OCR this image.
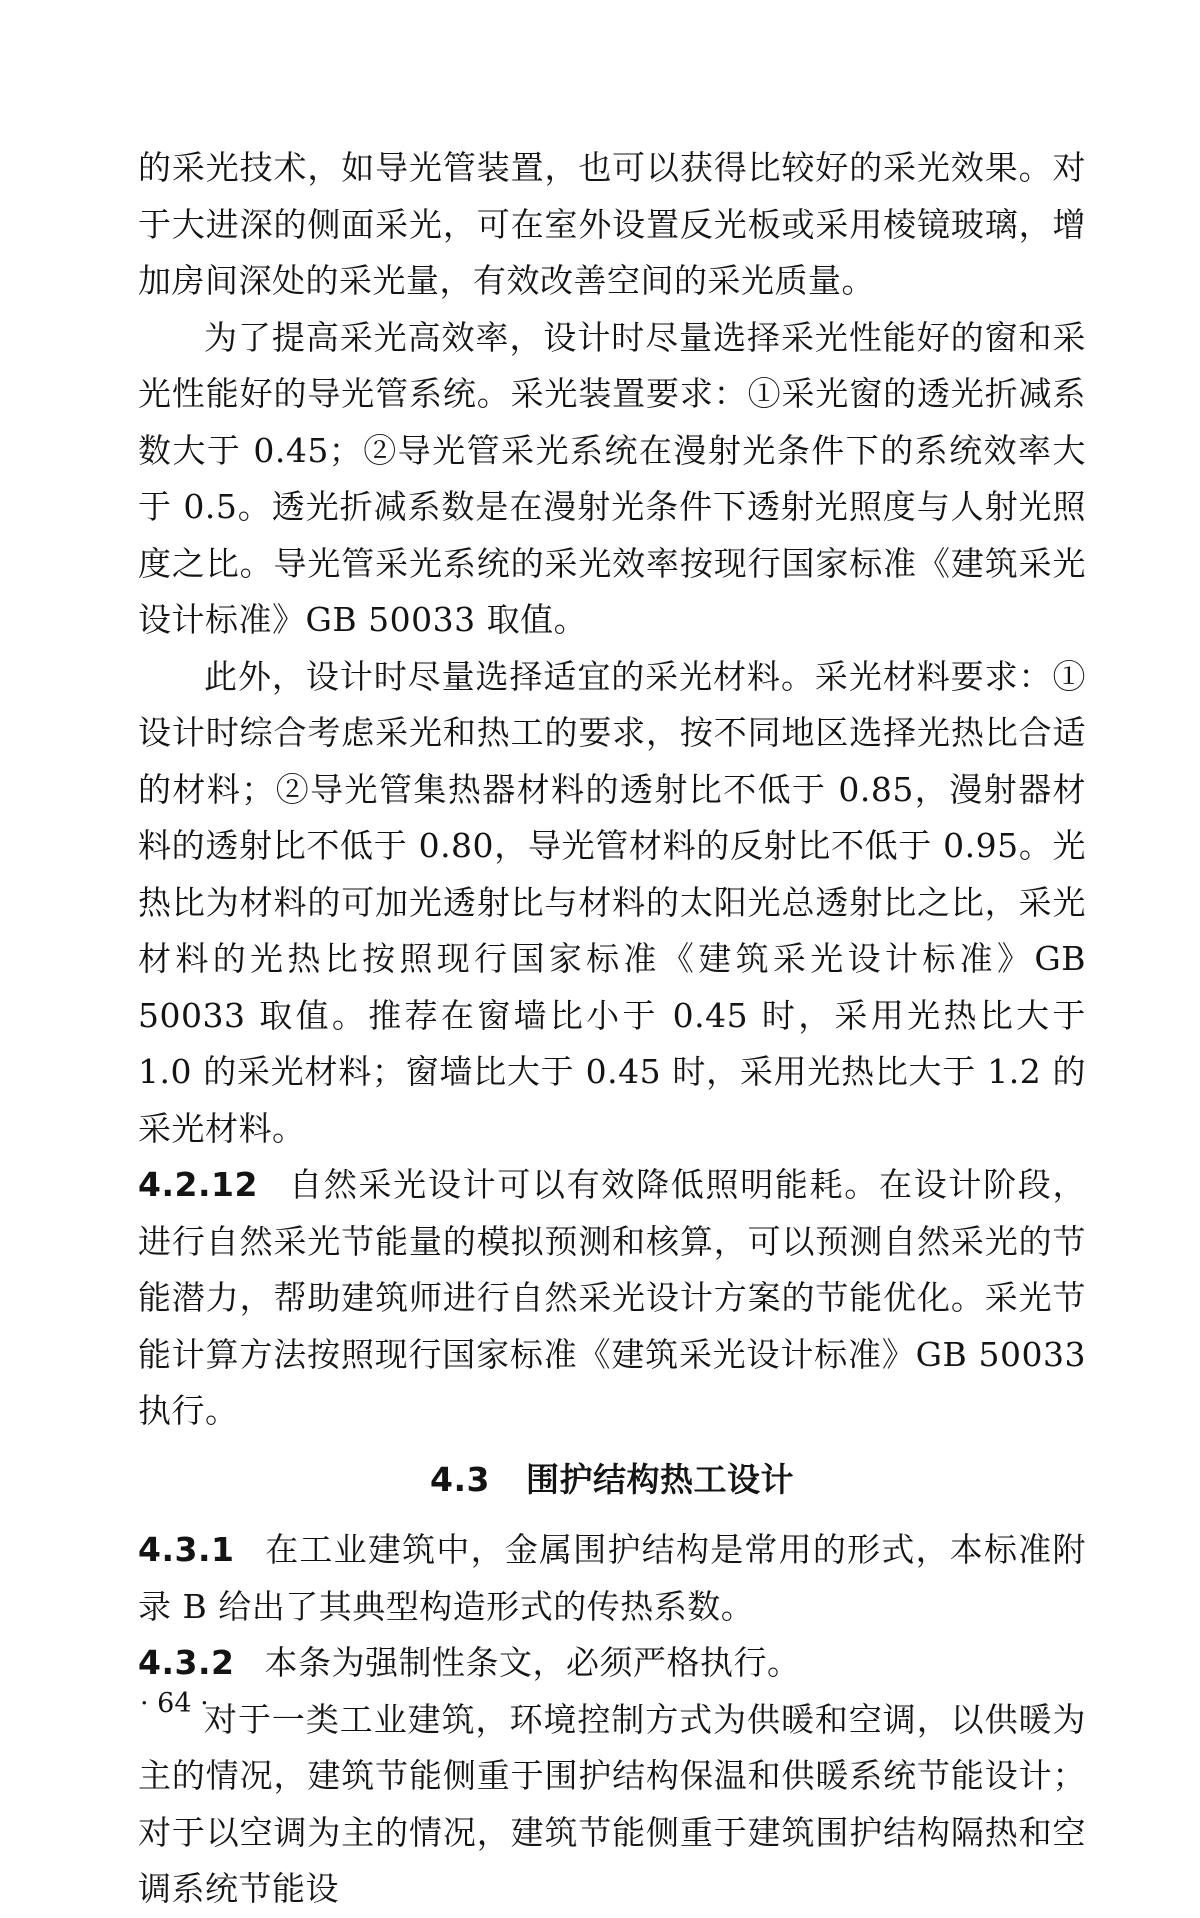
的采光技术，如导光管装置，也可以获得比较好的采光效果。对于大进深的侧面采光，可在室外设置反光板或采用棱镜玻璃，增加房间深处的采光量，有效改善空间的采光质量。

为了提高采光高效率，设计时尽量选择采光性能好的窗和采光性能好的导光管系统。采光装置要求：①采光窗的透光折减系数大于 0.45；②导光管采光系统在漫射光条件下的系统效率大于 0.5。透光折减系数是在漫射光条件下透射光照度与人射光照度之比。导光管采光系统的采光效率按现行国家标准《建筑采光设计标准》GB 50033 取值。

此外，设计时尽量选择适宜的采光材料。采光材料要求：①设计时综合考虑采光和热工的要求，按不同地区选择光热比合适的材料；②导光管集热器材料的透射比不低于 0.85，漫射器材料的透射比不低于 0.80，导光管材料的反射比不低于 0.95。光热比为材料的可加光透射比与材料的太阳光总透射比之比，采光材料的光热比按照现行国家标准《建筑采光设计标准》GB 50033 取值。推荐在窗墙比小于 0.45 时，采用光热比大于 1.0 的采光材料；窗墙比大于 0.45 时，采用光热比大于 1.2 的采光材料。

4.2.12 自然采光设计可以有效降低照明能耗。在设计阶段，进行自然采光节能量的模拟预测和核算，可以预测自然采光的节能潜力，帮助建筑师进行自然采光设计方案的节能优化。采光节能计算方法按照现行国家标准《建筑采光设计标准》GB 50033 执行。

4.3 围护结构热工设计

4.3.1 在工业建筑中，金属围护结构是常用的形式，本标准附录 B 给出了其典型构造形式的传热系数。

4.3.2 本条为强制性条文，必须严格执行。

对于一类工业建筑，环境控制方式为供暖和空调，以供暖为主的情况，建筑节能侧重于围护结构保温和供暖系统节能设计；对于以空调为主的情况，建筑节能侧重于建筑围护结构隔热和空调系统节能设

· 64 ·
